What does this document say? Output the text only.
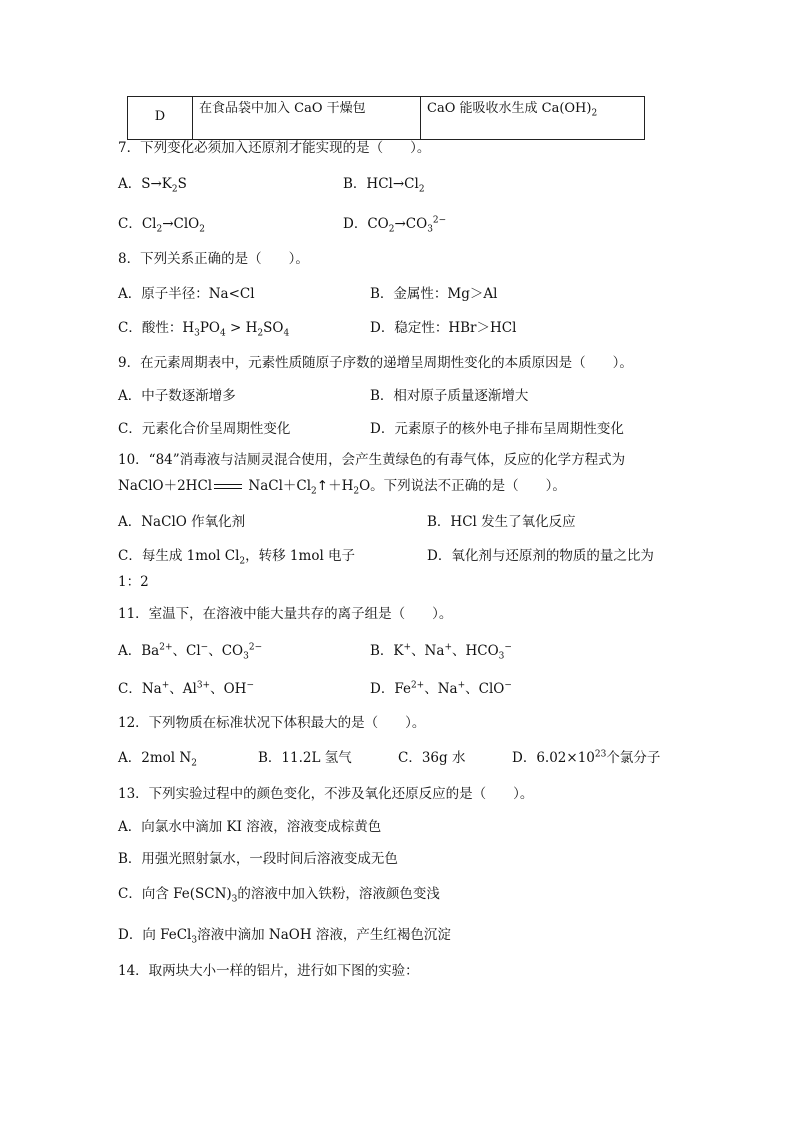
D	在食品袋中加入 CaO 干燥包	CaO 能吸收水生成 $Ca(OH)_2$
7．下列变化必须加入还原剂才能实现的是（　　）。
A．$S\to K_2S$	B．$HCl\to Cl_2$
C．$Cl_2\to ClO_2$	D．$CO_2\to CO_3^{2-}$
8．下列关系正确的是（　　）。
A．原子半径：Na<Cl	B．金属性：Mg＞Al
C．酸性：$H_3PO_4 > H_2SO_4$	D．稳定性：HBr＞HCl
9．在元素周期表中，元素性质随原子序数的递增呈周期性变化的本质原因是（　　）。
A．中子数逐渐增多	B．相对原子质量逐渐增大
C．元素化合价呈周期性变化	D．元素原子的核外电子排布呈周期性变化
10．“84”消毒液与洁厕灵混合使用，会产生黄绿色的有毒气体，反应的化学方程式为
NaClO＋2HCl $NaCl+Cl_2↑+H_2O$。下列说法不正确的是（　　）。
A．NaClO 作氧化剂	B．HCl 发生了氧化反应
C．每生成 1mol $Cl_2$，转移 1mol 电子	D．氧化剂与还原剂的物质的量之比为
1：2
11．室温下，在溶液中能大量共存的离子组是（　　）。
A．$Ba^{2+}$、Cl−、$CO_3^{2-}$	B．K+、Na+、$HCO_3^-$
C．Na+、$Al^{3+}$、OH−	D．$Fe^{2+}$、Na+、ClO−
12．下列物质在标准状况下体积最大的是（　　）。
A．2mol $N_2$	B．11.2L 氢气	C．36g 水	D．$6.02\times 10^{23}$个氯分子
13．下列实验过程中的颜色变化，不涉及氧化还原反应的是（　　）。
A．向氯水中滴加 KI 溶液，溶液变成棕黄色
B．用强光照射氯水，一段时间后溶液变成无色
C．向含 $Fe(SCN)_3$的溶液中加入铁粉，溶液颜色变浅
D．向 FeCl$_3$溶液中滴加 NaOH 溶液，产生红褐色沉淀
14．取两块大小一样的铝片，进行如下图的实验：
